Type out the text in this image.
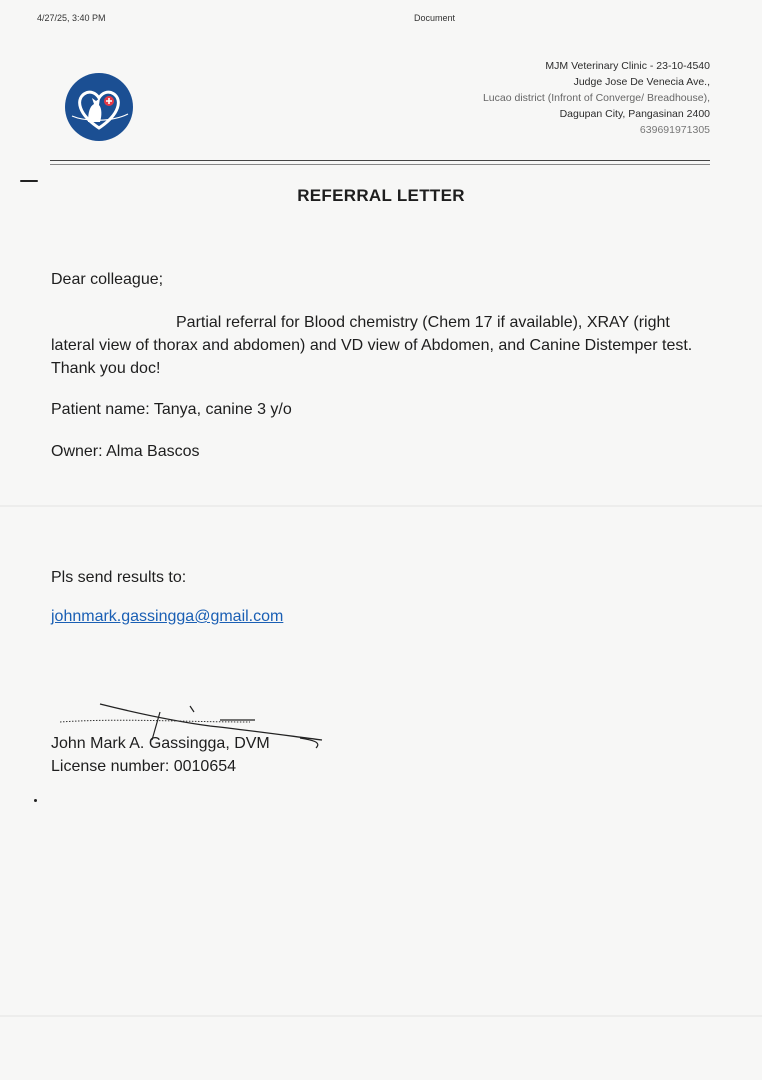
4/27/25, 3:40 PM	Document
MJM Veterinary Clinic - 23-10-4540
Judge Jose De Venecia Ave.,
Lucao district (Infront of Converge/ Breadhouse),
Dagupan City, Pangasinan 2400
639691971305
REFERRAL LETTER
Dear colleague;
Partial referral for Blood chemistry (Chem 17 if available), XRAY (right lateral view of thorax and abdomen) and VD view of Abdomen, and Canine Distemper test. Thank you doc!
Patient name: Tanya, canine 3 y/o
Owner: Alma Bascos
Pls send results to:
johnmark.gassingga@gmail.com
John Mark A. Gassingga, DVM
License number: 0010654
